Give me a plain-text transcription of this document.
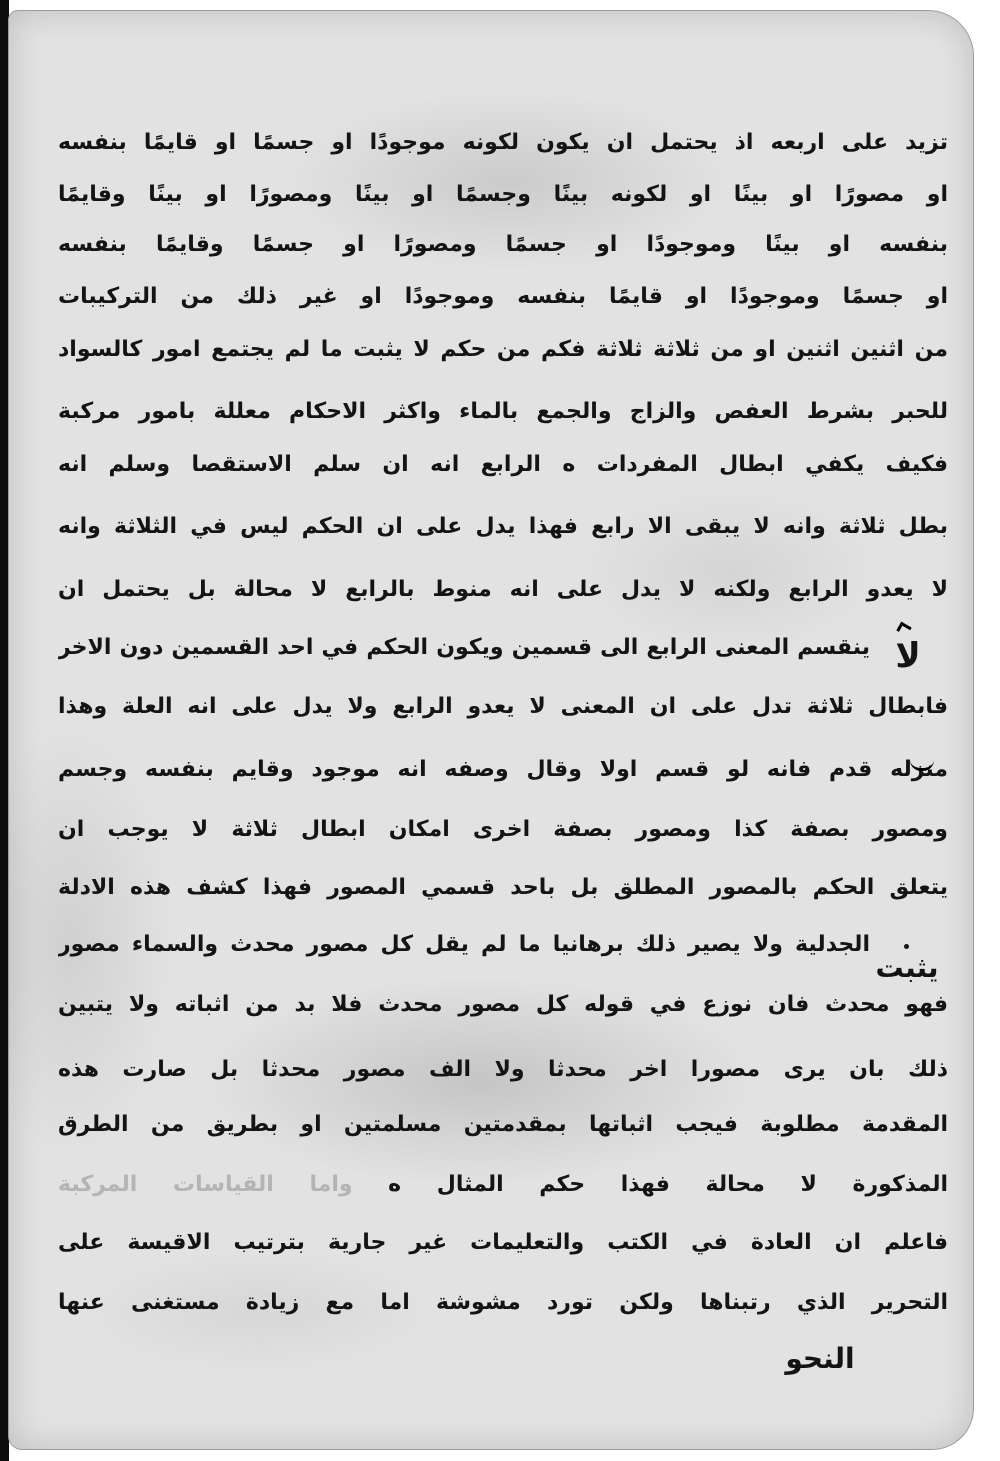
تزيد على اربعه اذ يحتمل ان يكون لكونه موجودًا او جسمًا او قايمًا بنفسه
او مصورًا او بينًا او لكونه بينًا وجسمًا او بينًا ومصورًا او بينًا وقايمًا
بنفسه او بينًا وموجودًا او جسمًا ومصورًا او جسمًا وقايمًا بنفسه
او جسمًا وموجودًا او قايمًا بنفسه وموجودًا او غير ذلك من التركيبات
من اثنين اثنين او من ثلاثة ثلاثة فكم من حكم لا يثبت ما لم يجتمع امور كالسواد
للحبر بشرط العفص والزاج والجمع بالماء واكثر الاحكام معللة بامور مركبة
فكيف يكفي ابطال المفردات ه الرابع انه ان سلم الاستقصا وسلم انه
بطل ثلاثة وانه لا يبقى الا رابع فهذا يدل على ان الحكم ليس في الثلاثة وانه
لا يعدو الرابع ولكنه لا يدل على انه منوط بالرابع لا محالة بل يحتمل ان
ينقسم المعنى الرابع الى قسمين ويكون الحكم في احد القسمين دون الاخر
فابطال ثلاثة تدل على ان المعنى لا يعدو الرابع ولا يدل على انه العلة وهذا
منزله قدم فانه لو قسم اولا وقال وصفه انه موجود وقايم بنفسه وجسم
ومصور بصفة كذا ومصور بصفة اخرى امكان ابطال ثلاثة لا يوجب ان
يتعلق الحكم بالمصور المطلق بل باحد قسمي المصور فهذا كشف هذه الادلة
الجدلية ولا يصير ذلك برهانيا ما لم يقل كل مصور محدث والسماء مصور
فهو محدث فان نوزع في قوله كل مصور محدث فلا بد من اثباته ولا يتبين
ذلك بان يرى مصورا اخر محدثا ولا الف مصور محدثا بل صارت هذه
المقدمة مطلوبة فيجب اثباتها بمقدمتين مسلمتين او بطريق من الطرق
المذكورة لا محالة فهذا حكم المثال ه واما القياسات المركبة
فاعلم ان العادة في الكتب والتعليمات غير جارية بترتيب الاقيسة على
التحرير الذي رتبناها ولكن تورد مشوشة اما مع زيادة مستغنى عنها
النحو
لا
يثبت
